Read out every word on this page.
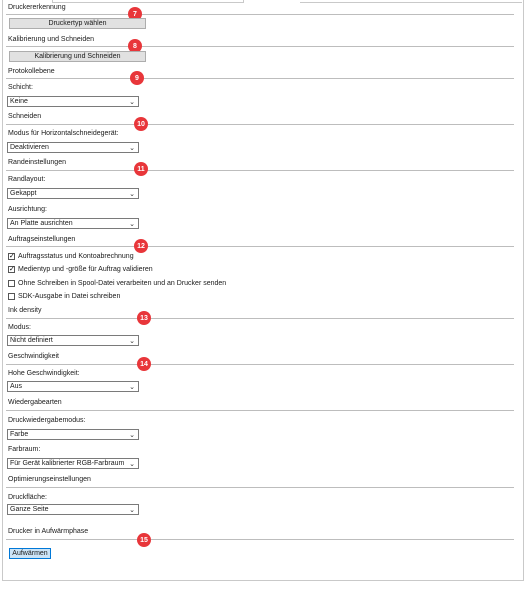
Druckererkennung
7
Druckertyp wählen
Kalibrierung und Schneiden
8
Kalibrierung und Schneiden
Protokollebene
9
Schicht:
Keine	⌄
Schneiden
10
Modus für Horizontalschneidegerät:
Deaktivieren	⌄
Randeinstellungen
11
Randlayout:
Gekappt	⌄
Ausrichtung:
An Platte ausrichten	⌄
Auftragseinstellungen
12
✓ Auftragsstatus und Kontoabrechnung
✓ Medientyp und -größe für Auftrag validieren
Ohne Schreiben in Spool-Datei verarbeiten und an Drucker senden
SDK-Ausgabe in Datei schreiben
Ink density
13
Modus:
Nicht definiert	⌄
Geschwindigkeit
14
Hohe Geschwindigkeit:
Aus	⌄
Wiedergabearten
Druckwiedergabemodus:
Farbe	⌄
Farbraum:
Für Gerät kalibrierter RGB-Farbraum ⌄
Optimierungseinstellungen
Druckfläche:
Ganze Seite	⌄
Drucker in Aufwärmphase
15
Aufwärmen
